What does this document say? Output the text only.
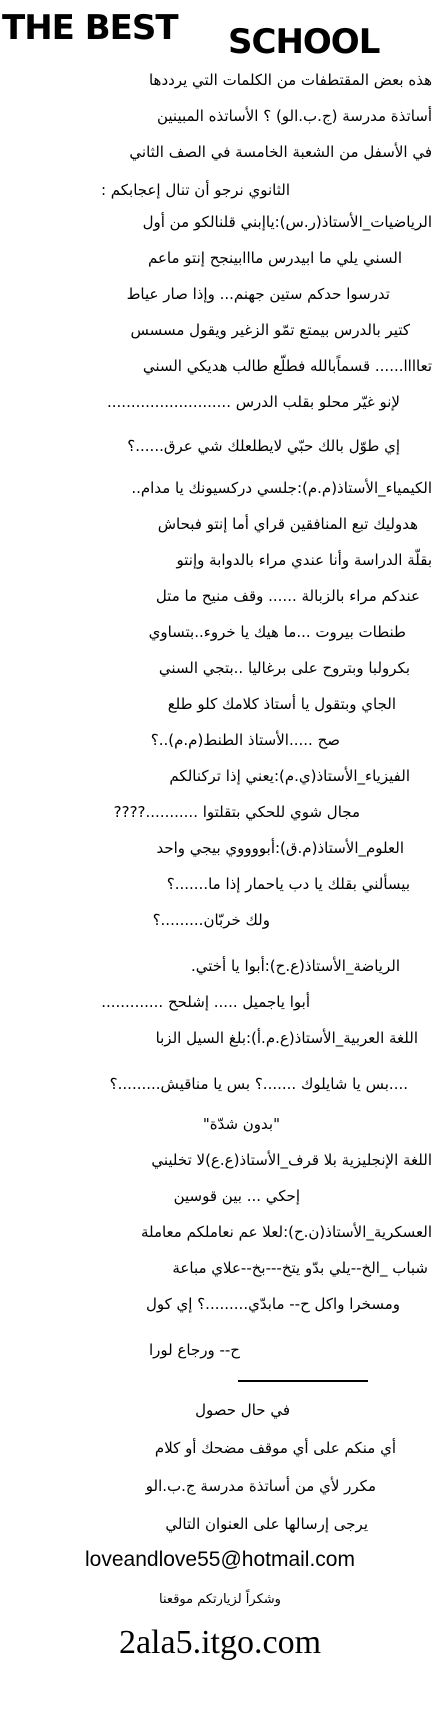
THE BEST SCHOOL
هذه بعض المقتطفات من الكلمات التي يرددها
أساتذة مدرسة (ج.ب.الو) ؟ الأساتذه المبينين
في الأسفل من الشعبة الخامسة في الصف الثاني
الثانوي نرجو أن تنال إعجابكم :
الرياضيات_الأستاذ(ر.س):ياإبني قلنالكو من أول
السني يلي ما ابيدرس مااابينجح إنتو ماعم
تدرسوا حدكم ستين جهنم... وإذا صار عياط
كتير بالدرس بيمتع تمّو الزغير ويقول مسسس
تعاااا...... قسماًبالله فطلّع طالب هديكي السني
لإنو غيّر محلو بقلب الدرس ..........................
إي طوّل بالك حبّي لايطلعلك شي عرق......؟
الكيمياء_الأستاذ(م.م):جلسي دركسيونك يا مدام..
هدوليك تبع المنافقين قراي أما إنتو فبحاش
بقلّة الدراسة وأنا عندي مراء بالدوابة وإنتو
عندكم مراء بالزبالة ...... وقف منيح ما متل
طنطات بيروت ...ما هيك يا خروء..بتساوي
بكرولبا وبتروح على برغاليا ..بتجي السني
الجاي وبتقول يا أستاذ كلامك كلو طلع
صح .....الأستاذ الطنط(م.م)..؟
الفيزياء_الأستاذ(ي.م):يعني إذا تركنالكم
مجال شوي للحكي بتقلتوا ...........????
العلوم_الأستاذ(م.ق):أبووووي بيجي واحد
بيسألني بقلك يا دب ياحمار إذا ما.......؟
ولك خربّان.........؟
الرياضة_الأستاذ(ع.ح):أبوا يا أختي.
أبوا ياجميل ..... إشلحح .............
اللغة العربية_الأستاذ(ع.م.أ):بلغ السيل الزبا
....بس يا شايلوك .......؟ بس يا مناقيش.........؟
"بدون شدّة"
اللغة الإنجليزية بلا قرف_الأستاذ(ع.ع)لا تخليني
إحكي ... بين قوسين
العسكرية_الأستاذ(ن.ح):لعلا عم نعاملكم معاملة
شباب _الخ--يلي بدّو يتخ---بخ--علاي مباعة
ومسخرا واكل ح-- مابدّي.........؟ إي كول
ح-- ورجاع لورا
في حال حصول
أي منكم على أي موقف مضحك أو كلام
مكرر لأي من أساتذة مدرسة ج.ب.الو
يرجى إرسالها على العنوان التالي
loveandlove55@hotmail.com
وشكراً لزيارتكم موقعنا
2ala5.itgo.com
